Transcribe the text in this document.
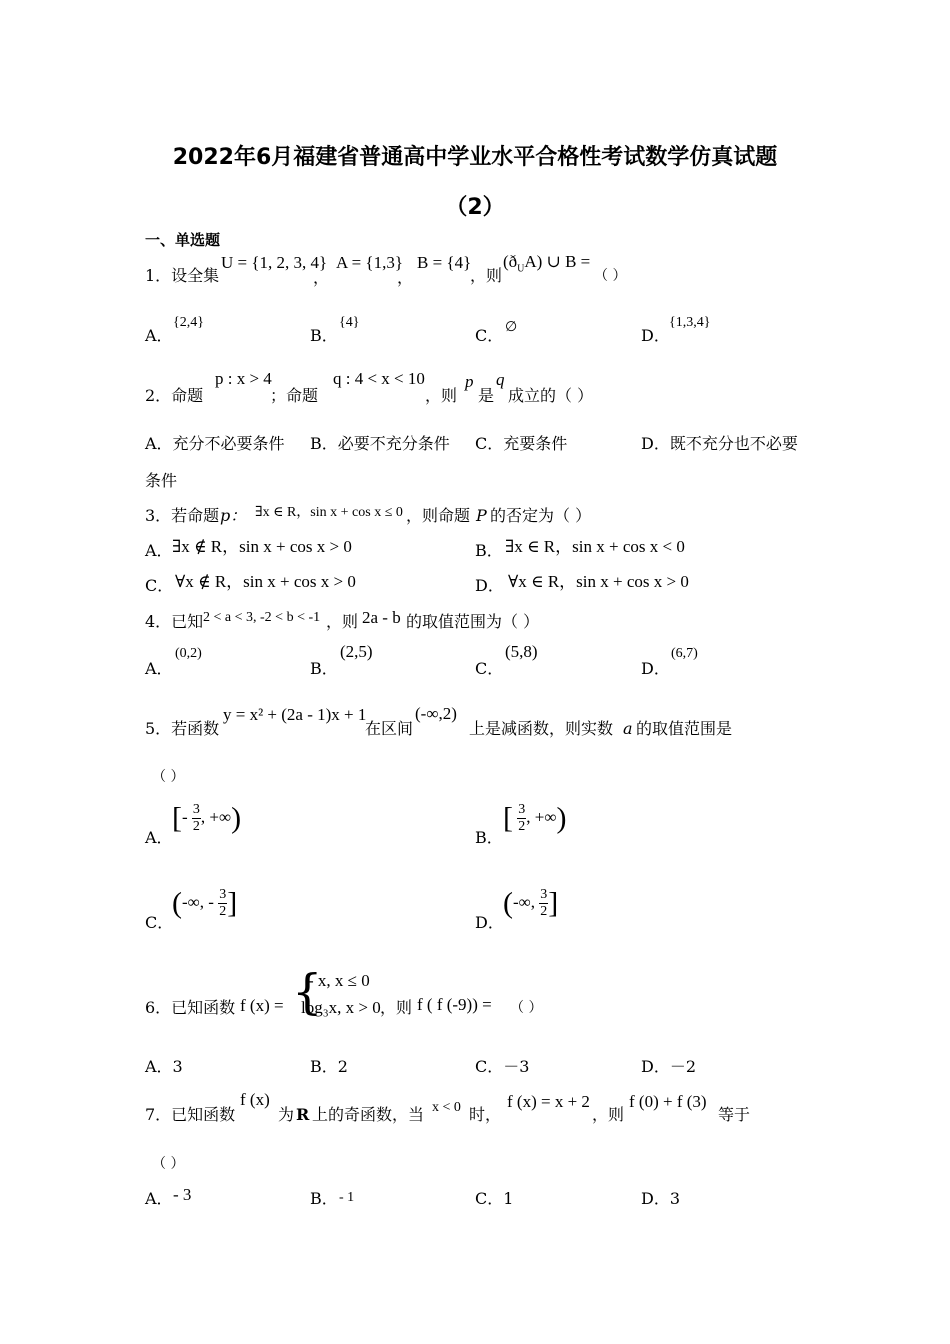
2022年6月福建省普通高中学业水平合格性考试数学仿真试题
（2）
一、单选题
1．设全集
U = {1, 2, 3, 4}
，
A = {1,3}
，
B = {4}
，则
$(ð_UA)$ ∪ B =
（ ）
A．
{2,4}
B．
{4}
C． ∅	D．
{1,3,4}
2．命题
p : x > 4
；命题
q : 4 < x < 10
，则
p
是
q
成立的（ ）
A．充分不必要条件 B．必要不充分条件 C．充要条件	D．既不充分也不必要
条件
3．若命题 p： ∃x ∈ R，sin x + cos x ≤ 0 ，则命题 P 的否定为（ ）
A． ∃x ∉ R，sin x + cos x > 0	B． ∃x ∈ R，sin x + cos x < 0
C． ∀x ∉ R，sin x + cos x > 0	D． ∀x ∈ R，sin x + cos x > 0
4．已知 2 < a < 3, -2 < b < -1 ，则 2a - b 的取值范围为（ ）
A．
(0,2)
B．
(2,5)
C．
(5,8)
D．
(6,7)
5．若函数
y = x² + (2a - 1)x + 1
在区间
(-∞,2)
上是减函数，则实数 a 的取值范围是
（ ）
A．
[- $\frac{3}{2}$ , +∞)
B．
[ $\frac{3}{2}$ , +∞)
C．
(-∞, - $\frac{3}{2}$ ]
D．
(-∞, $\frac{3}{2}$ ]
6．已知函数 f (x) = {
- x, x ≤ 0
log₃x, x > 0 ，则 f ( f (-9)) = （ ）
A．3	B．2	C．－3	D．－2
7．已知函数
f (x)
为 R 上的奇函数，当 x < 0 时，
f (x) = x + 2
，则
f (0) + f (3)
等于
（ ）
A． - 3	B． - 1	C．1	D．3
